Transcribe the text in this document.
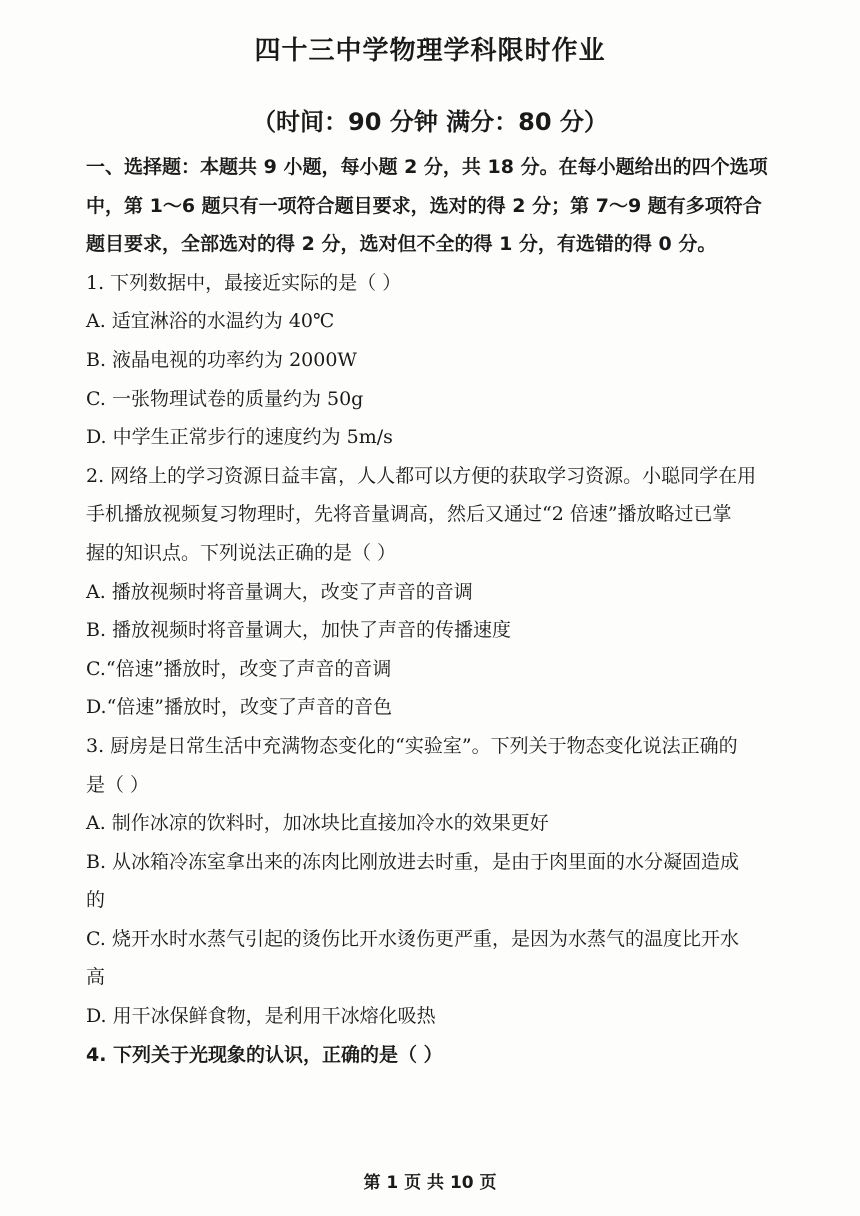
四十三中学物理学科限时作业
（时间：90 分钟 满分：80 分）
一、选择题：本题共 9 小题，每小题 2 分，共 18 分。在每小题给出的四个选项
中，第 1～6 题只有一项符合题目要求，选对的得 2 分；第 7～9 题有多项符合
题目要求，全部选对的得 2 分，选对但不全的得 1 分，有选错的得 0 分。
1. 下列数据中，最接近实际的是（ ）
A. 适宜淋浴的水温约为 40℃
B. 液晶电视的功率约为 2000W
C. 一张物理试卷的质量约为 50g
D. 中学生正常步行的速度约为 5m/s
2. 网络上的学习资源日益丰富，人人都可以方便的获取学习资源。小聪同学在用
手机播放视频复习物理时，先将音量调高，然后又通过“2 倍速”播放略过已掌
握的知识点。下列说法正确的是（ ）
A. 播放视频时将音量调大，改变了声音的音调
B. 播放视频时将音量调大，加快了声音的传播速度
C.“倍速”播放时，改变了声音的音调
D.“倍速”播放时，改变了声音的音色
3. 厨房是日常生活中充满物态变化的“实验室”。下列关于物态变化说法正确的
是（ ）
A. 制作冰凉的饮料时，加冰块比直接加冷水的效果更好
B. 从冰箱冷冻室拿出来的冻肉比刚放进去时重，是由于肉里面的水分凝固造成
的
C. 烧开水时水蒸气引起的烫伤比开水烫伤更严重，是因为水蒸气的温度比开水
高
D. 用干冰保鲜食物，是利用干冰熔化吸热
4. 下列关于光现象的认识，正确的是（ ）
第 1 页 共 10 页
